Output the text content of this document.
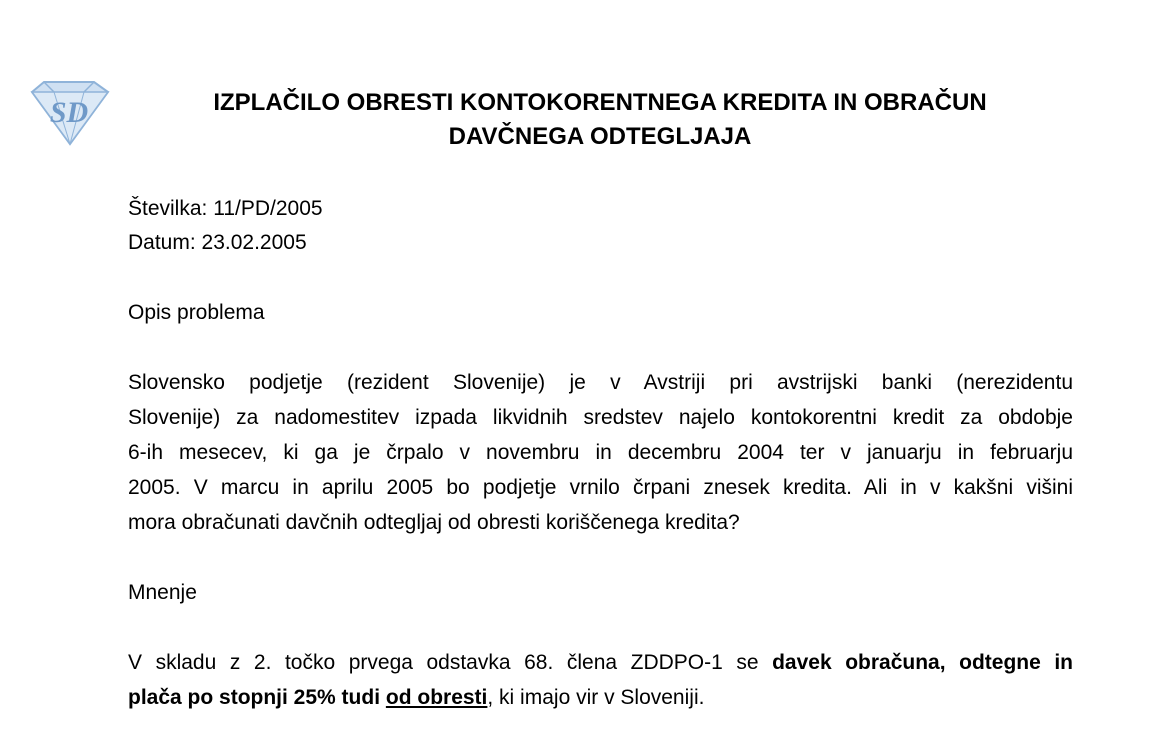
SD	IZPLAČILO OBRESTI KONTOKORENTNEGA KREDITA IN OBRAČUN
DAVČNEGA ODTEGLJAJA

Številka: 11/PD/2005

Datum: 23.02.2005

Opis problema

Slovensko podjetje (rezident Slovenije) je v Avstriji pri avstrijski banki (nerezidentu
Slovenije) za nadomestitev izpada likvidnih sredstev najelo kontokorentni kredit za obdobje
6-ih mesecev, ki ga je črpalo v novembru in decembru 2004 ter v januarju in februarju
2005. V marcu in aprilu 2005 bo podjetje vrnilo črpani znesek kredita. Ali in v kakšni višini
mora obračunati davčnih odtegljaj od obresti koriščenega kredita?

Mnenje

V skladu z 2. točko prvega odstavka 68. člena ZDDPO-1 se davek obračuna, odtegne in
plača po stopnji 25% tudi od obresti, ki imajo vir v Sloveniji.
